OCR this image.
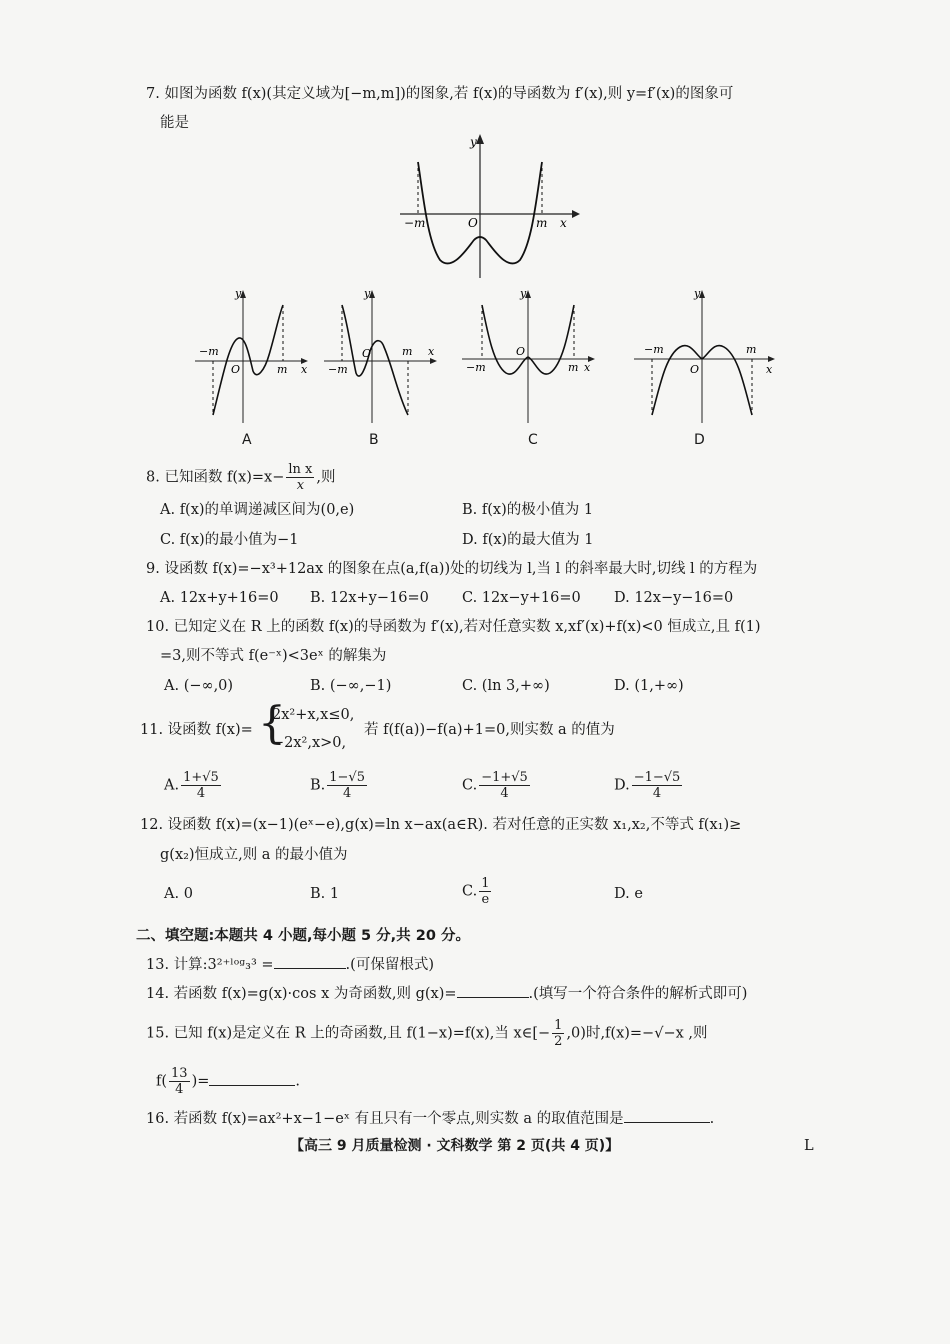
7. 如图为函数 f(x)(其定义域为[−m,m])的图象,若 f(x)的导函数为 f′(x),则 y=f′(x)的图象可
能是
y
−m	O	m x
y
−m
O	m x
y
−m
O	m x
y
−m
O
m x
y
−m
O
m
x
A	B	C	D
8. 已知函数 $f(x)=x- \frac{\text{ln x}}{x}$ ,则
A. f(x)的单调递减区间为(0,e)	B. f(x)的极小值为 1
C. f(x)的最小值为−1	D. f(x)的最大值为 1
9. 设函数 f(x)=−x³+12ax 的图象在点(a,f(a))处的切线为 l,当 l 的斜率最大时,切线 l 的方程为
A. 12x+y+16=0 B. 12x+y−16=0 C. 12x−y+16=0 D. 12x−y−16=0
10. 已知定义在 R 上的函数 f(x)的导函数为 f′(x),若对任意实数 x,xf′(x)+f(x)<0 恒成立,且 f(1)
=3,则不等式 f(e⁻ˣ)<3eˣ 的解集为
A. (−∞,0)	B. (−∞,−1)	C. (ln 3,+∞)	D. (1,+∞)
11. 设函数 f(x)= {
2x²+x,x≤0,
−2x²,x>0,
若 f(f(a))−f(a)+1=0,则实数 a 的值为
A. $\frac{1+√5}{4}$	B. $\frac{1-√5}{4}$	C. $\frac{-1+√5}{4}$	D. $\frac{-1-√5}{4}$
12. 设函数 f(x)=(x−1)(eˣ−e),g(x)=ln x−ax(a∈R). 若对任意的正实数 x₁,x₂,不等式 f(x₁)≥
g(x₂)恒成立,则 a 的最小值为
A. 0	B. 1	C. $\frac{1}{e}$	D. e
二、填空题:本题共 4 小题,每小题 5 分,共 20 分。
13. 计算:3²⁺ˡᵒᵍ₃³ =	.(可保留根式)
14. 若函数 f(x)=g(x)·cos x 为奇函数,则 g(x)=	.(填写一个符合条件的解析式即可)
15. 已知 f(x)是定义在 R 上的奇函数,且 f(1−x)=f(x),当 x∈[− $\frac{1}{2} ,0$)时,f(x)=−√−x ,则
$f( \frac{13}{4}$ )=	.
16. 若函数 f(x)=ax²+x−1−eˣ 有且只有一个零点,则实数 a 的取值范围是	.
【高三 9 月质量检测 · 文科数学 第 2 页(共 4 页)】	L
